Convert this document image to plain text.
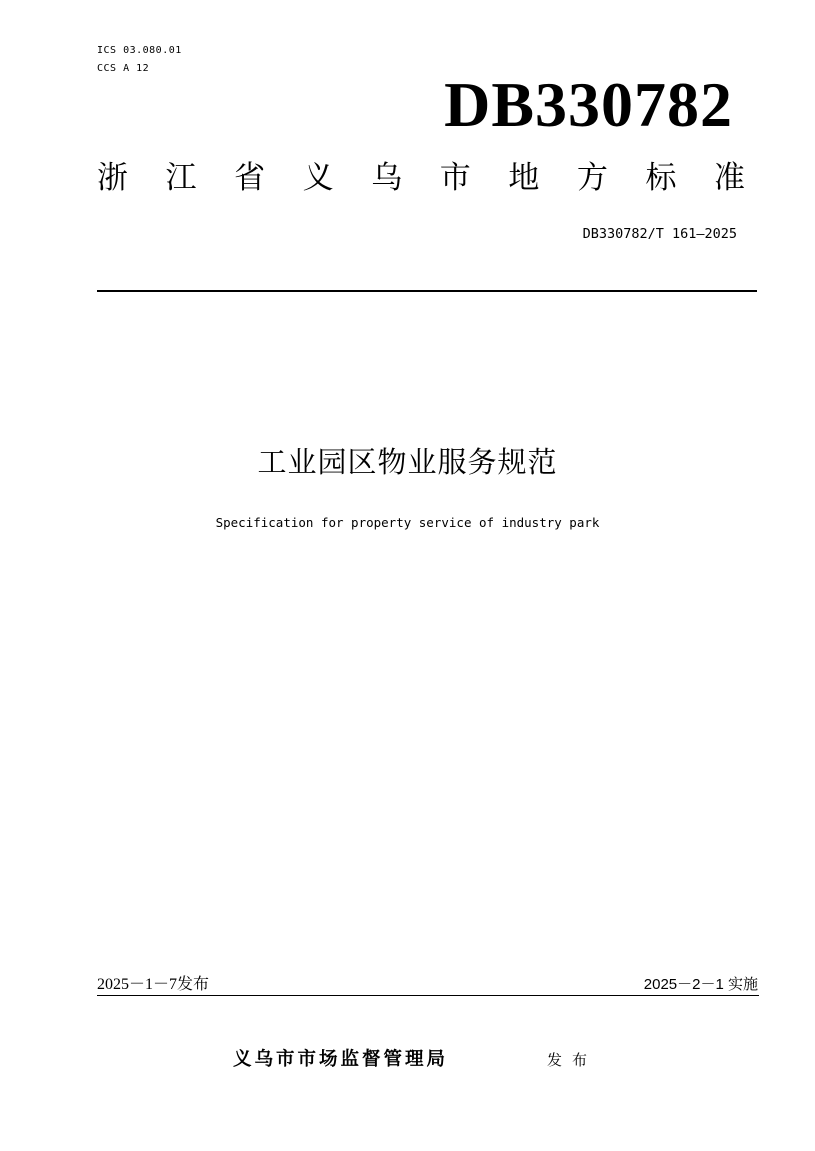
ICS 03.080.01
CCS A 12
DB330782
浙 江 省 义 乌 市 地 方 标 准
DB330782/T 161—2025
工业园区物业服务规范
Specification for property service of industry park
2025－1－7发布	2025－2－1 实施
义乌市市场监督管理局	发布
